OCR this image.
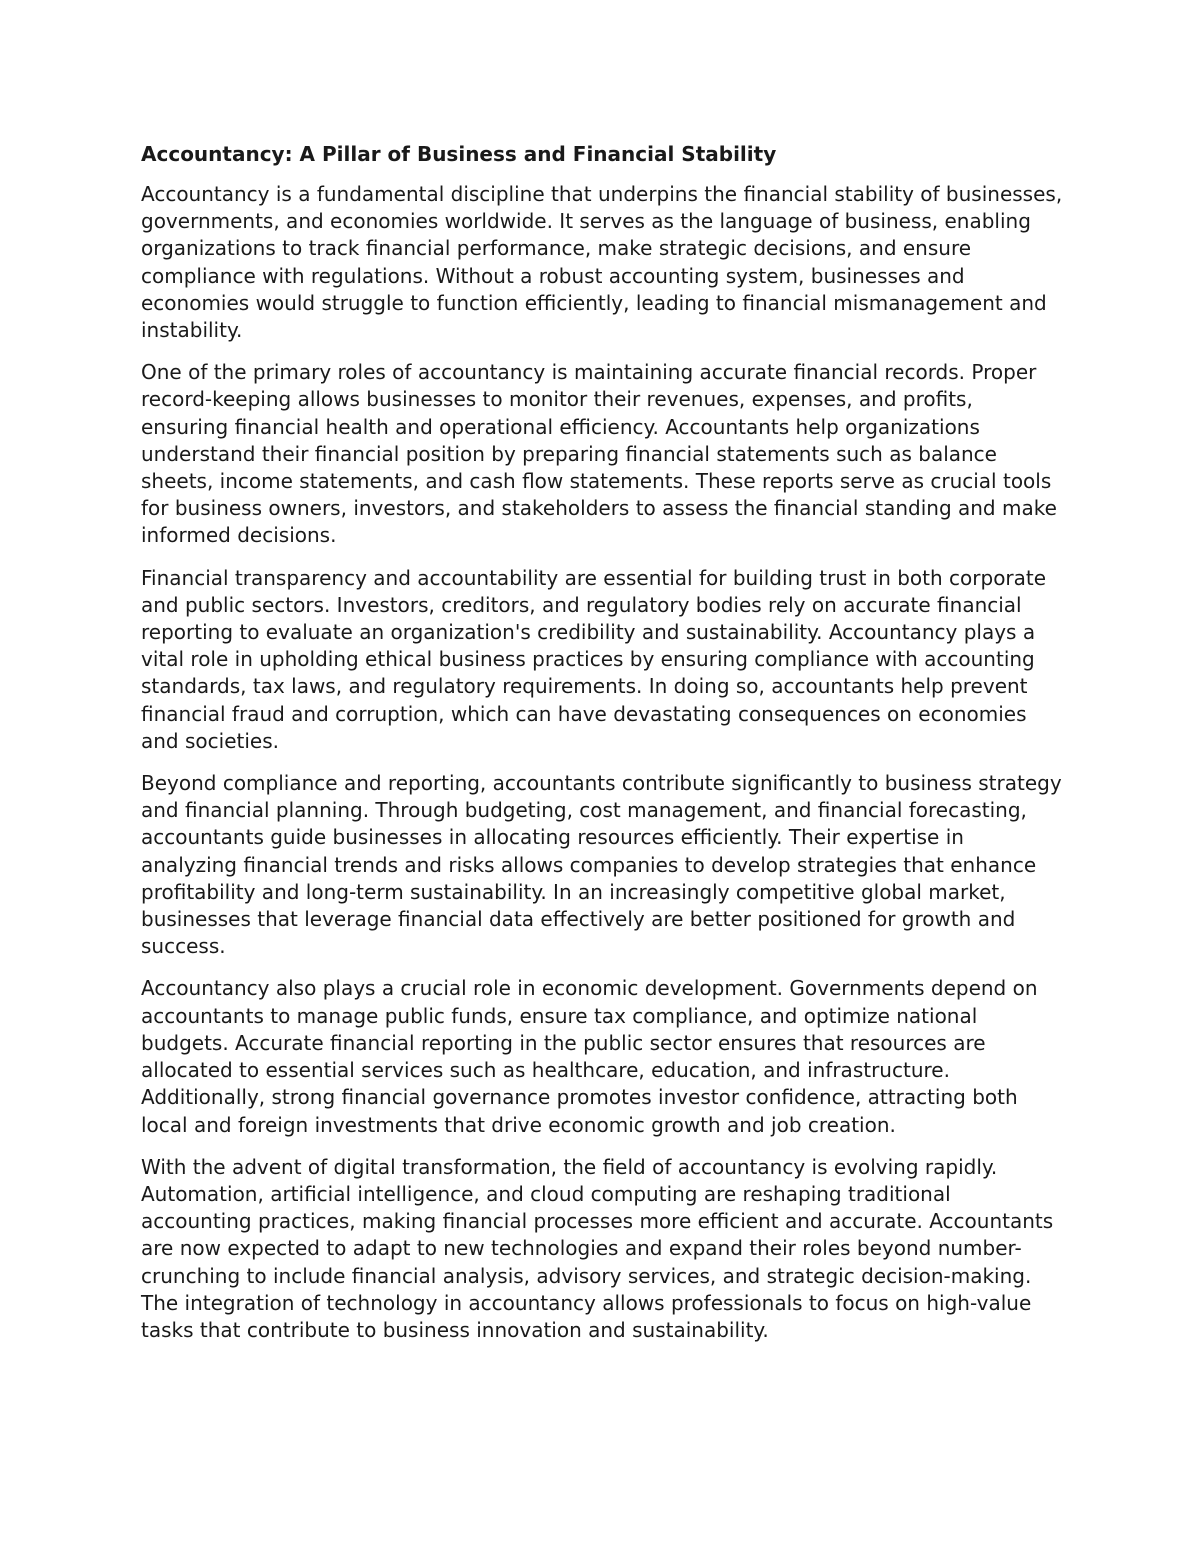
Accountancy: A Pillar of Business and Financial Stability

Accountancy is a fundamental discipline that underpins the financial stability of businesses, governments, and economies worldwide. It serves as the language of business, enabling organizations to track financial performance, make strategic decisions, and ensure compliance with regulations. Without a robust accounting system, businesses and economies would struggle to function efficiently, leading to financial mismanagement and instability.

One of the primary roles of accountancy is maintaining accurate financial records. Proper record-keeping allows businesses to monitor their revenues, expenses, and profits, ensuring financial health and operational efficiency. Accountants help organizations understand their financial position by preparing financial statements such as balance sheets, income statements, and cash flow statements. These reports serve as crucial tools for business owners, investors, and stakeholders to assess the financial standing and make informed decisions.

Financial transparency and accountability are essential for building trust in both corporate and public sectors. Investors, creditors, and regulatory bodies rely on accurate financial reporting to evaluate an organization's credibility and sustainability. Accountancy plays a vital role in upholding ethical business practices by ensuring compliance with accounting standards, tax laws, and regulatory requirements. In doing so, accountants help prevent financial fraud and corruption, which can have devastating consequences on economies and societies.

Beyond compliance and reporting, accountants contribute significantly to business strategy and financial planning. Through budgeting, cost management, and financial forecasting, accountants guide businesses in allocating resources efficiently. Their expertise in analyzing financial trends and risks allows companies to develop strategies that enhance profitability and long-term sustainability. In an increasingly competitive global market, businesses that leverage financial data effectively are better positioned for growth and success.

Accountancy also plays a crucial role in economic development. Governments depend on accountants to manage public funds, ensure tax compliance, and optimize national budgets. Accurate financial reporting in the public sector ensures that resources are allocated to essential services such as healthcare, education, and infrastructure. Additionally, strong financial governance promotes investor confidence, attracting both local and foreign investments that drive economic growth and job creation.

With the advent of digital transformation, the field of accountancy is evolving rapidly. Automation, artificial intelligence, and cloud computing are reshaping traditional accounting practices, making financial processes more efficient and accurate. Accountants are now expected to adapt to new technologies and expand their roles beyond number-crunching to include financial analysis, advisory services, and strategic decision-making. The integration of technology in accountancy allows professionals to focus on high-value tasks that contribute to business innovation and sustainability.
